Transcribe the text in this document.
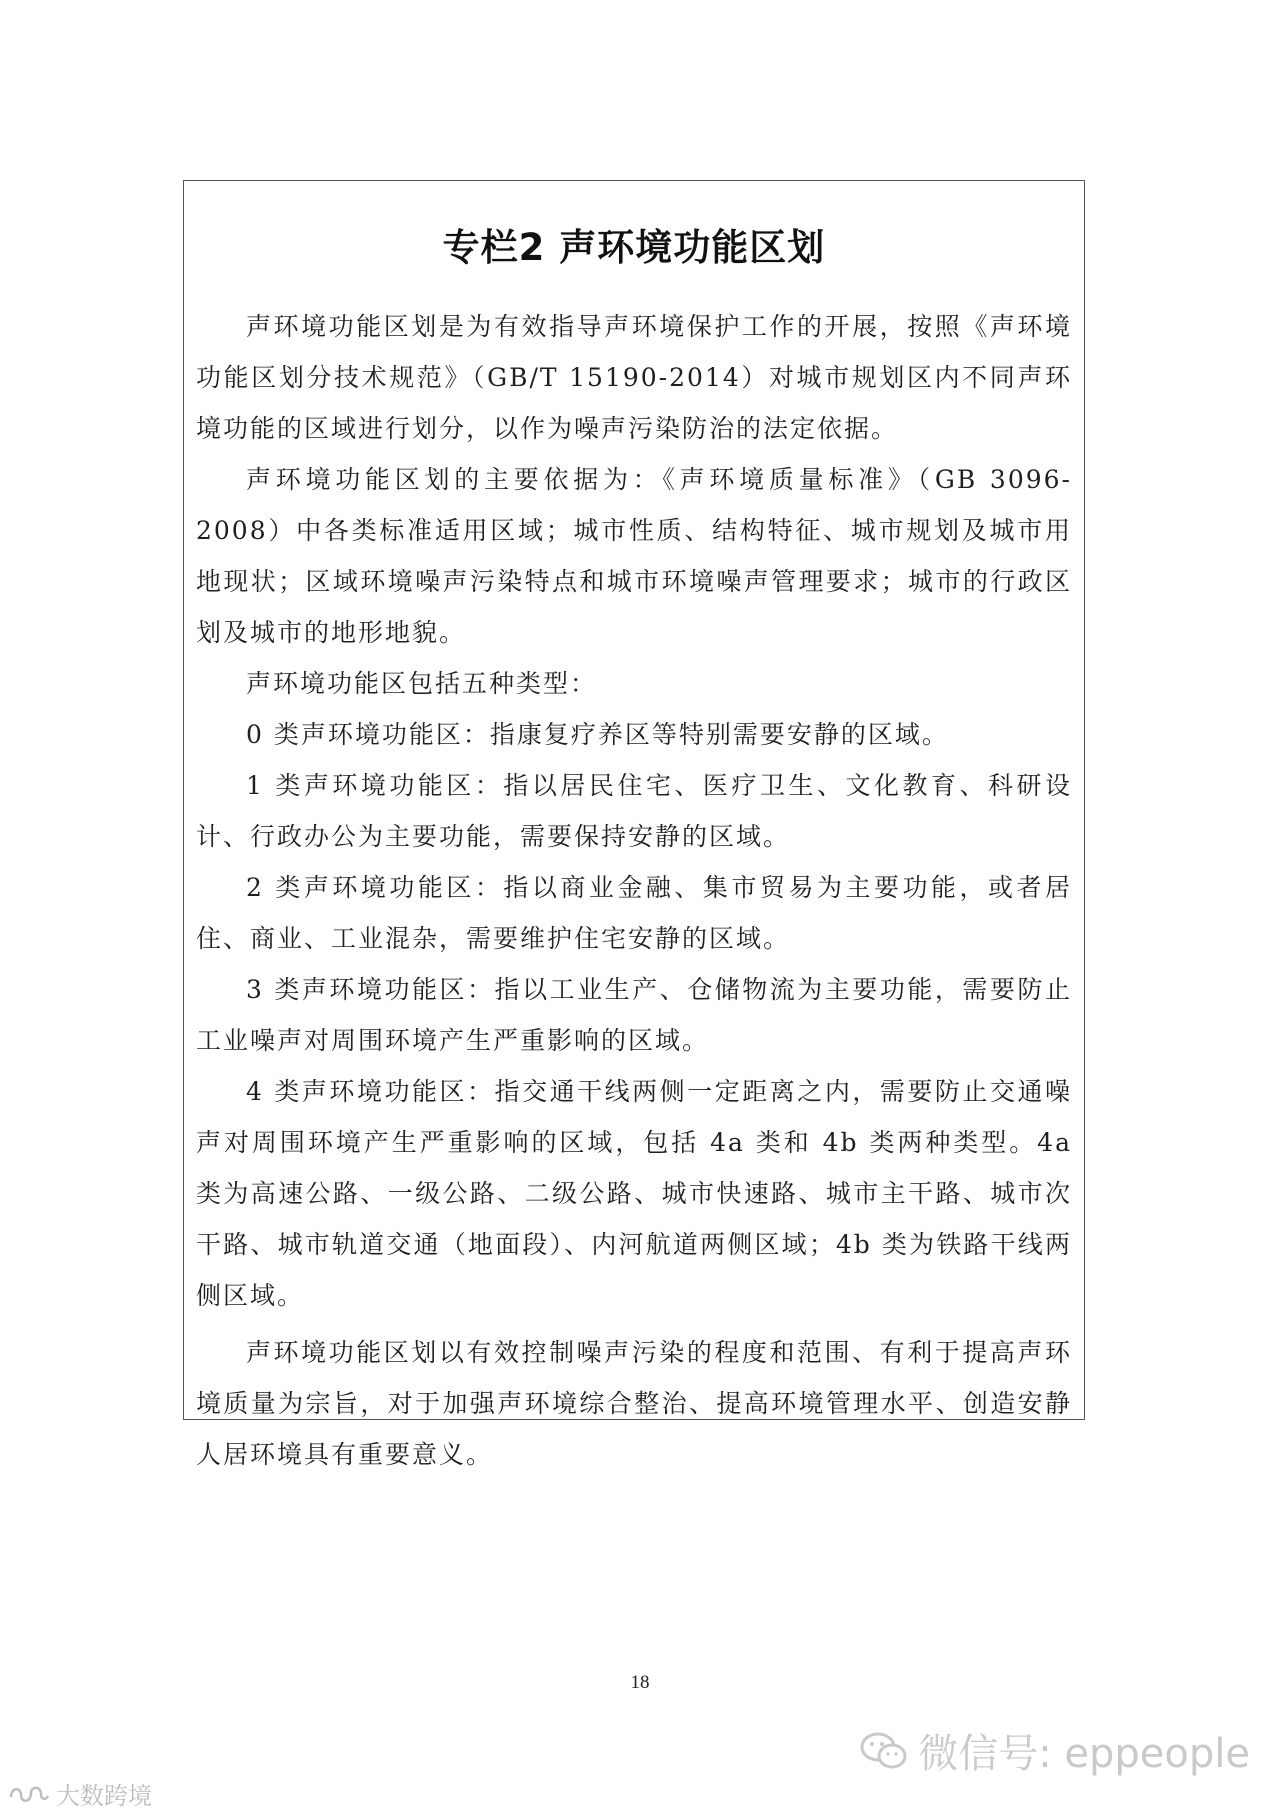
专栏2 声环境功能区划

声环境功能区划是为有效指导声环境保护工作的开展，按照《声环境功能区划分技术规范》（GB/T 15190-2014）对城市规划区内不同声环境功能的区域进行划分，以作为噪声污染防治的法定依据。

声环境功能区划的主要依据为：《声环境质量标准》（GB 3096-2008）中各类标准适用区域；城市性质、结构特征、城市规划及城市用地现状；区域环境噪声污染特点和城市环境噪声管理要求；城市的行政区划及城市的地形地貌。

声环境功能区包括五种类型：

0 类声环境功能区：指康复疗养区等特别需要安静的区域。

1 类声环境功能区：指以居民住宅、医疗卫生、文化教育、科研设计、行政办公为主要功能，需要保持安静的区域。

2 类声环境功能区：指以商业金融、集市贸易为主要功能，或者居住、商业、工业混杂，需要维护住宅安静的区域。

3 类声环境功能区：指以工业生产、仓储物流为主要功能，需要防止工业噪声对周围环境产生严重影响的区域。

4 类声环境功能区：指交通干线两侧一定距离之内，需要防止交通噪声对周围环境产生严重影响的区域，包括 4a 类和 4b 类两种类型。4a 类为高速公路、一级公路、二级公路、城市快速路、城市主干路、城市次干路、城市轨道交通（地面段）、内河航道两侧区域；4b 类为铁路干线两侧区域。

声环境功能区划以有效控制噪声污染的程度和范围、有利于提高声环境质量为宗旨，对于加强声环境综合整治、提高环境管理水平、创造安静人居环境具有重要意义。

18
微信号: eppeople
大数跨境
